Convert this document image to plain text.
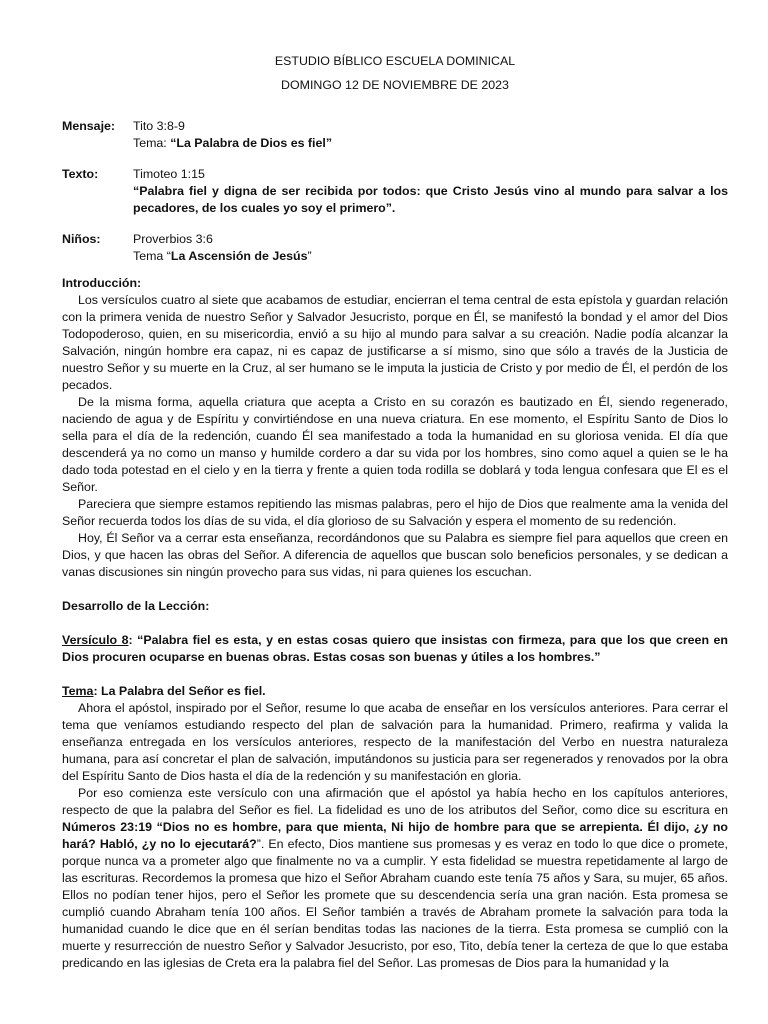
ESTUDIO BÍBLICO ESCUELA DOMINICAL
DOMINGO 12 DE NOVIEMBRE DE 2023
Mensaje:	Tito 3:8-9
Tema: “La Palabra de Dios es fiel”
Texto:	Timoteo 1:15
“Palabra fiel y digna de ser recibida por todos: que Cristo Jesús vino al mundo para salvar a los pecadores, de los cuales yo soy el primero”.
Niños:	Proverbios 3:6
Tema “La Ascensión de Jesús”
Introducción:

Los versículos cuatro al siete que acabamos de estudiar, encierran el tema central de esta epístola y guardan relación con la primera venida de nuestro Señor y Salvador Jesucristo, porque en Él, se manifestó la bondad y el amor del Dios Todopoderoso, quien, en su misericordia, envió a su hijo al mundo para salvar a su creación. Nadie podía alcanzar la Salvación, ningún hombre era capaz, ni es capaz de justificarse a sí mismo, sino que sólo a través de la Justicia de nuestro Señor y su muerte en la Cruz, al ser humano se le imputa la justicia de Cristo y por medio de Él, el perdón de los pecados.

De la misma forma, aquella criatura que acepta a Cristo en su corazón es bautizado en Él, siendo regenerado, naciendo de agua y de Espíritu y convirtiéndose en una nueva criatura. En ese momento, el Espíritu Santo de Dios lo sella para el día de la redención, cuando Él sea manifestado a toda la humanidad en su gloriosa venida. El día que descenderá ya no como un manso y humilde cordero a dar su vida por los hombres, sino como aquel a quien se le ha dado toda potestad en el cielo y en la tierra y frente a quien toda rodilla se doblará y toda lengua confesara que El es el Señor.

Pareciera que siempre estamos repitiendo las mismas palabras, pero el hijo de Dios que realmente ama la venida del Señor recuerda todos los días de su vida, el día glorioso de su Salvación y espera el momento de su redención.

Hoy, Él Señor va a cerrar esta enseñanza, recordándonos que su Palabra es siempre fiel para aquellos que creen en Dios, y que hacen las obras del Señor. A diferencia de aquellos que buscan solo beneficios personales, y se dedican a vanas discusiones sin ningún provecho para sus vidas, ni para quienes los escuchan.

Desarrollo de la Lección:

Versículo 8: “Palabra fiel es esta, y en estas cosas quiero que insistas con firmeza, para que los que creen en Dios procuren ocuparse en buenas obras. Estas cosas son buenas y útiles a los hombres.”

Tema: La Palabra del Señor es fiel.

Ahora el apóstol, inspirado por el Señor, resume lo que acaba de enseñar en los versículos anteriores. Para cerrar el tema que veníamos estudiando respecto del plan de salvación para la humanidad. Primero, reafirma y valida la enseñanza entregada en los versículos anteriores, respecto de la manifestación del Verbo en nuestra naturaleza humana, para así concretar el plan de salvación, imputándonos su justicia para ser regenerados y renovados por la obra del Espíritu Santo de Dios hasta el día de la redención y su manifestación en gloria.

Por eso comienza este versículo con una afirmación que el apóstol ya había hecho en los capítulos anteriores, respecto de que la palabra del Señor es fiel. La fidelidad es uno de los atributos del Señor, como dice su escritura en Números 23:19 “Dios no es hombre, para que mienta, Ni hijo de hombre para que se arrepienta. Él dijo, ¿y no hará? Habló, ¿y no lo ejecutará?”. En efecto, Dios mantiene sus promesas y es veraz en todo lo que dice o promete, porque nunca va a prometer algo que finalmente no va a cumplir. Y esta fidelidad se muestra repetidamente al largo de las escrituras. Recordemos la promesa que hizo el Señor Abraham cuando este tenía 75 años y Sara, su mujer, 65 años. Ellos no podían tener hijos, pero el Señor les promete que su descendencia sería una gran nación. Esta promesa se cumplió cuando Abraham tenía 100 años. El Señor también a través de Abraham promete la salvación para toda la humanidad cuando le dice que en él serían benditas todas las naciones de la tierra. Esta promesa se cumplió con la muerte y resurrección de nuestro Señor y Salvador Jesucristo, por eso, Tito, debía tener la certeza de que lo que estaba predicando en las iglesias de Creta era la palabra fiel del Señor. Las promesas de Dios para la humanidad y la
